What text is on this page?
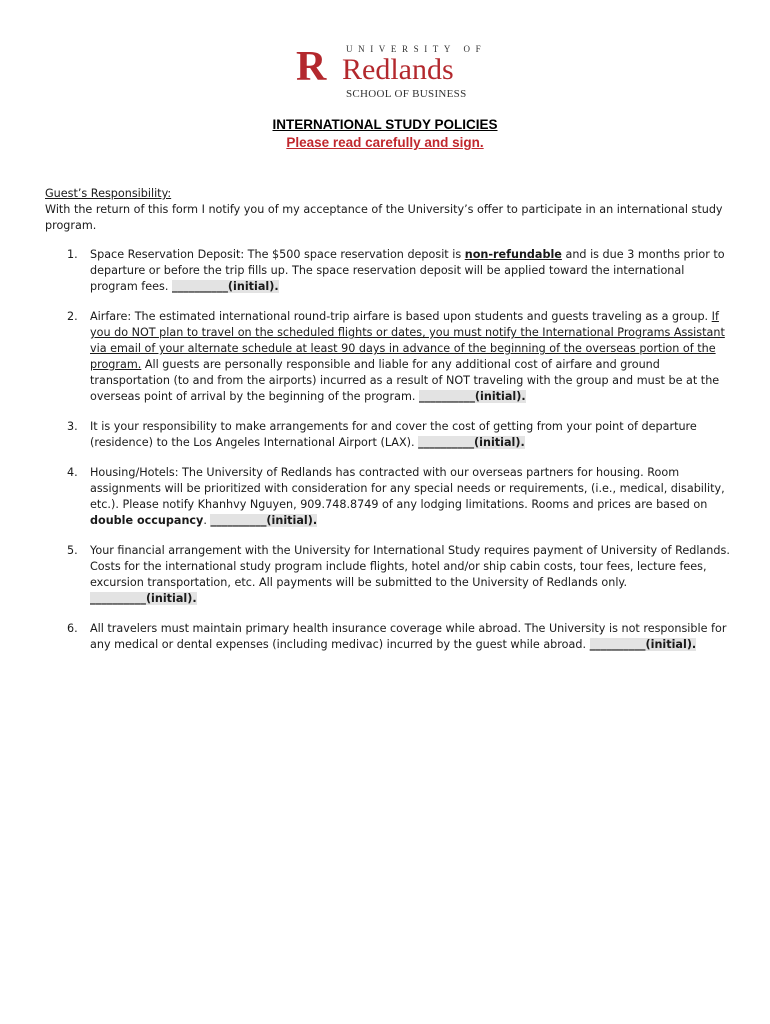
R UNIVERSITY OF
Redlands
SCHOOL OF BUSINESS
INTERNATIONAL STUDY POLICIES
Please read carefully and sign.
Guest’s Responsibility:
With the return of this form I notify you of my acceptance of the University’s offer to participate in an international study program.
1. Space Reservation Deposit: The $500 space reservation deposit is non-refundable and is due 3 months prior to departure or before the trip fills up. The space reservation deposit will be applied toward the international program fees. __________(initial).
2. Airfare: The estimated international round-trip airfare is based upon students and guests traveling as a group. If you do NOT plan to travel on the scheduled flights or dates, you must notify the International Programs Assistant via email of your alternate schedule at least 90 days in advance of the beginning of the overseas portion of the program. All guests are personally responsible and liable for any additional cost of airfare and ground transportation (to and from the airports) incurred as a result of NOT traveling with the group and must be at the overseas point of arrival by the beginning of the program. __________(initial).
3. It is your responsibility to make arrangements for and cover the cost of getting from your point of departure (residence) to the Los Angeles International Airport (LAX). __________(initial).
4. Housing/Hotels: The University of Redlands has contracted with our overseas partners for housing. Room assignments will be prioritized with consideration for any special needs or requirements, (i.e., medical, disability, etc.). Please notify Khanhvy Nguyen, 909.748.8749 of any lodging limitations. Rooms and prices are based on double occupancy. __________(initial).
5. Your financial arrangement with the University for International Study requires payment of University of Redlands. Costs for the international study program include flights, hotel and/or ship cabin costs, tour fees, lecture fees, excursion transportation, etc. All payments will be submitted to the University of Redlands only. __________(initial).
6. All travelers must maintain primary health insurance coverage while abroad. The University is not responsible for any medical or dental expenses (including medivac) incurred by the guest while abroad. __________(initial).
